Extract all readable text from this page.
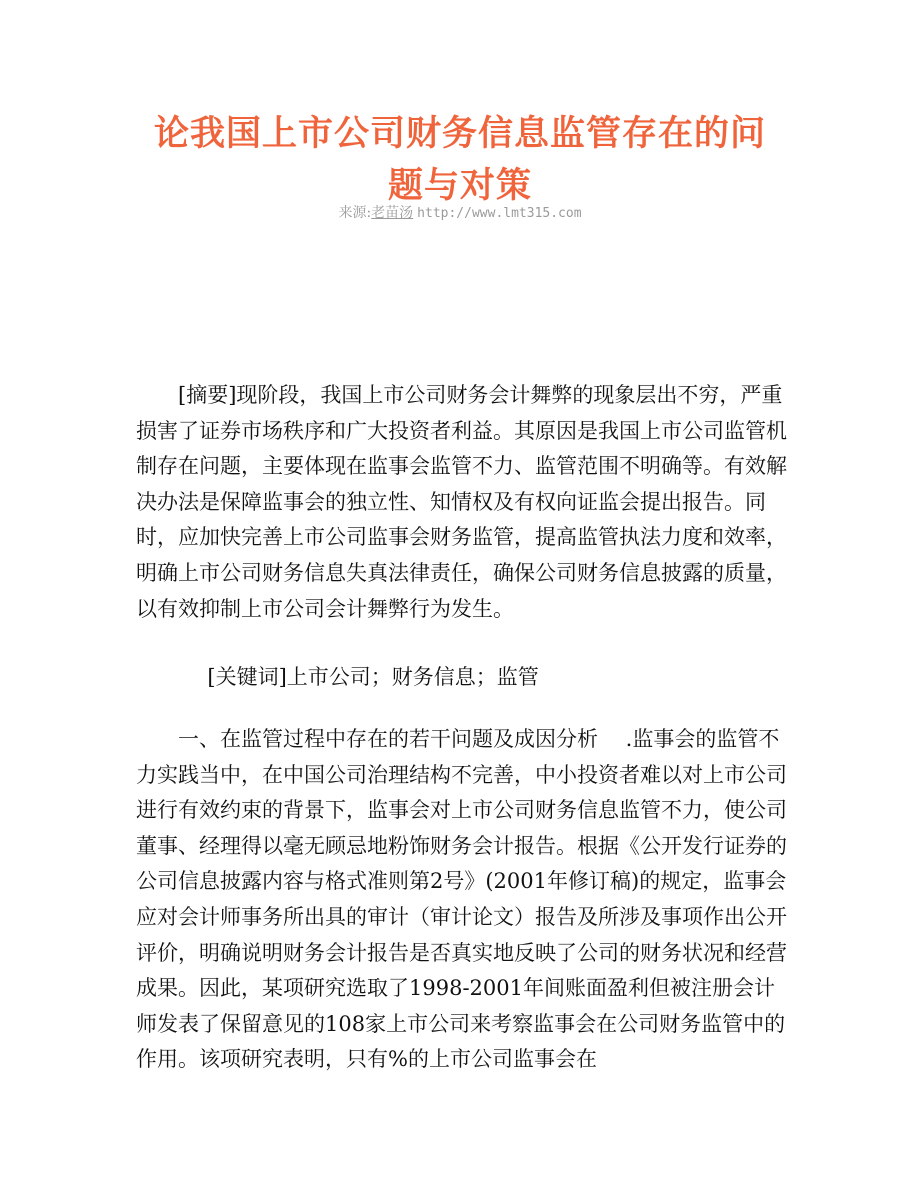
论我国上市公司财务信息监管存在的问
题与对策
来源:老苗汤 http://www.lmt315.com

[摘要]现阶段，我国上市公司财务会计舞弊的现象层出不穷，严重损害了证券市场秩序和广大投资者利益。其原因是我国上市公司监管机制存在问题，主要体现在监事会监管不力、监管范围不明确等。有效解决办法是保障监事会的独立性、知情权及有权向证监会提出报告。同时，应加快完善上市公司监事会财务监管，提高监管执法力度和效率，明确上市公司财务信息失真法律责任，确保公司财务信息披露的质量，以有效抑制上市公司会计舞弊行为发生。

[关键词]上市公司；财务信息；监管

一、在监管过程中存在的若干问题及成因分析　 .监事会的监管不力实践当中，在中国公司治理结构不完善，中小投资者难以对上市公司进行有效约束的背景下，监事会对上市公司财务信息监管不力，使公司董事、经理得以毫无顾忌地粉饰财务会计报告。根据《公开发行证券的公司信息披露内容与格式准则第2号》(2001年修订稿)的规定，监事会应对会计师事务所出具的审计（审计论文）报告及所涉及事项作出公开评价，明确说明财务会计报告是否真实地反映了公司的财务状况和经营成果。因此，某项研究选取了1998-2001年间账面盈利但被注册会计师发表了保留意见的108家上市公司来考察监事会在公司财务监管中的作用。该项研究表明，只有%的上市公司监事会在
